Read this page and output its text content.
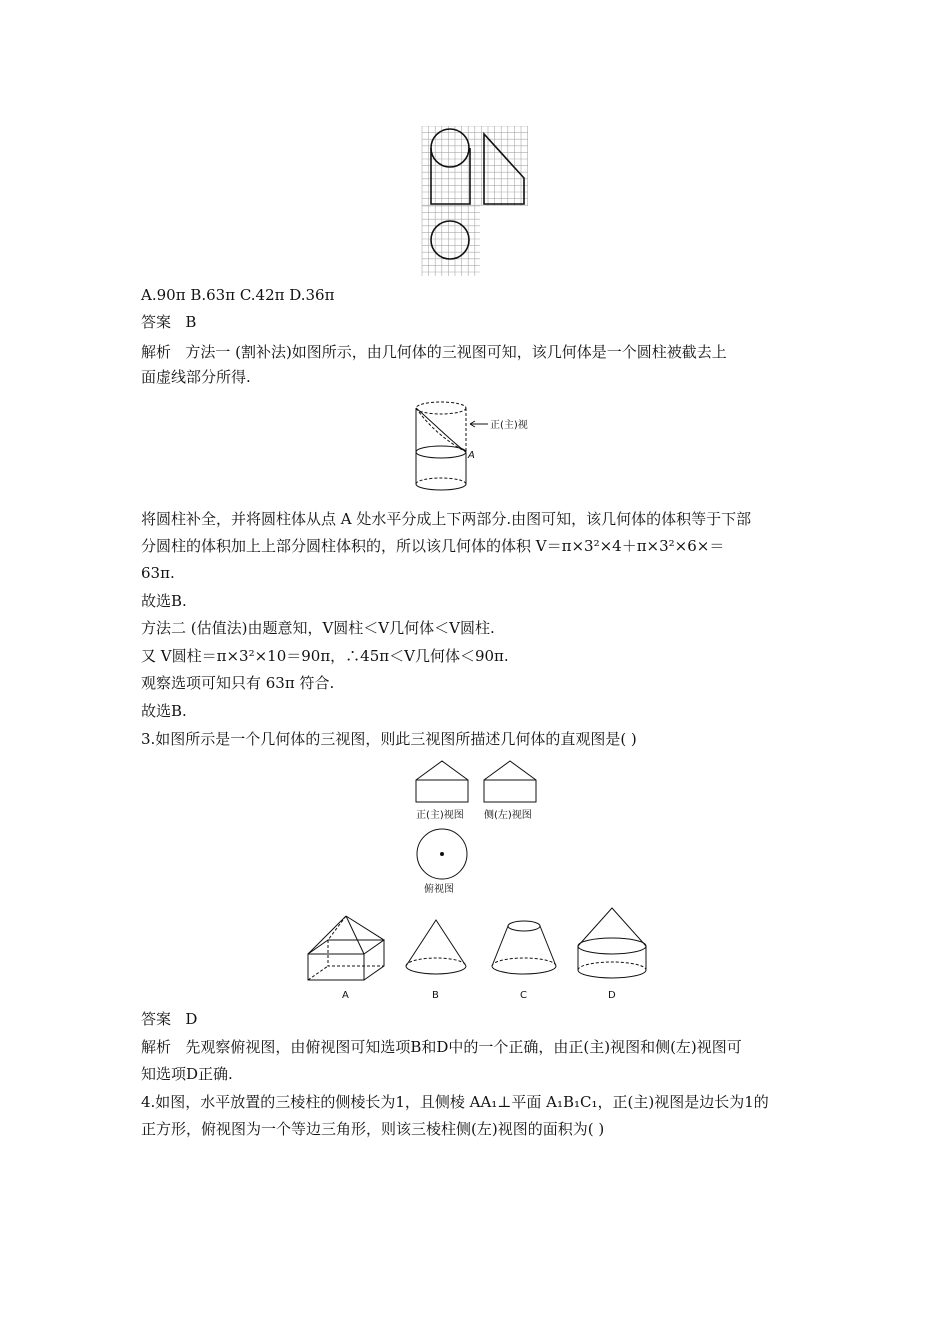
A.90π B.63π C.42π D.36π
答案 B
解析 方法一 (割补法)如图所示，由几何体的三视图可知，该几何体是一个圆柱被截去上
面虚线部分所得.
正(主)视
A
将圆柱补全，并将圆柱体从点 A 处水平分成上下两部分.由图可知，该几何体的体积等于下部
分圆柱的体积加上上部分圆柱体积的，所以该几何体的体积 V＝π×3²×4＋π×3²×6×＝
63π.
故选B.
方法二 (估值法)由题意知，V圆柱＜V几何体＜V圆柱.
又 V圆柱＝π×3²×10＝90π，∴45π＜V几何体＜90π.
观察选项可知只有 63π 符合.
故选B.
3.如图所示是一个几何体的三视图，则此三视图所描述几何体的直观图是( )
正(主)视图 侧(左)视图
俯视图
A	B	C	D
答案 D
解析 先观察俯视图，由俯视图可知选项B和D中的一个正确，由正(主)视图和侧(左)视图可
知选项D正确.
4.如图，水平放置的三棱柱的侧棱长为1，且侧棱 AA₁⊥平面 A₁B₁C₁，正(主)视图是边长为1的
正方形，俯视图为一个等边三角形，则该三棱柱侧(左)视图的面积为( )
